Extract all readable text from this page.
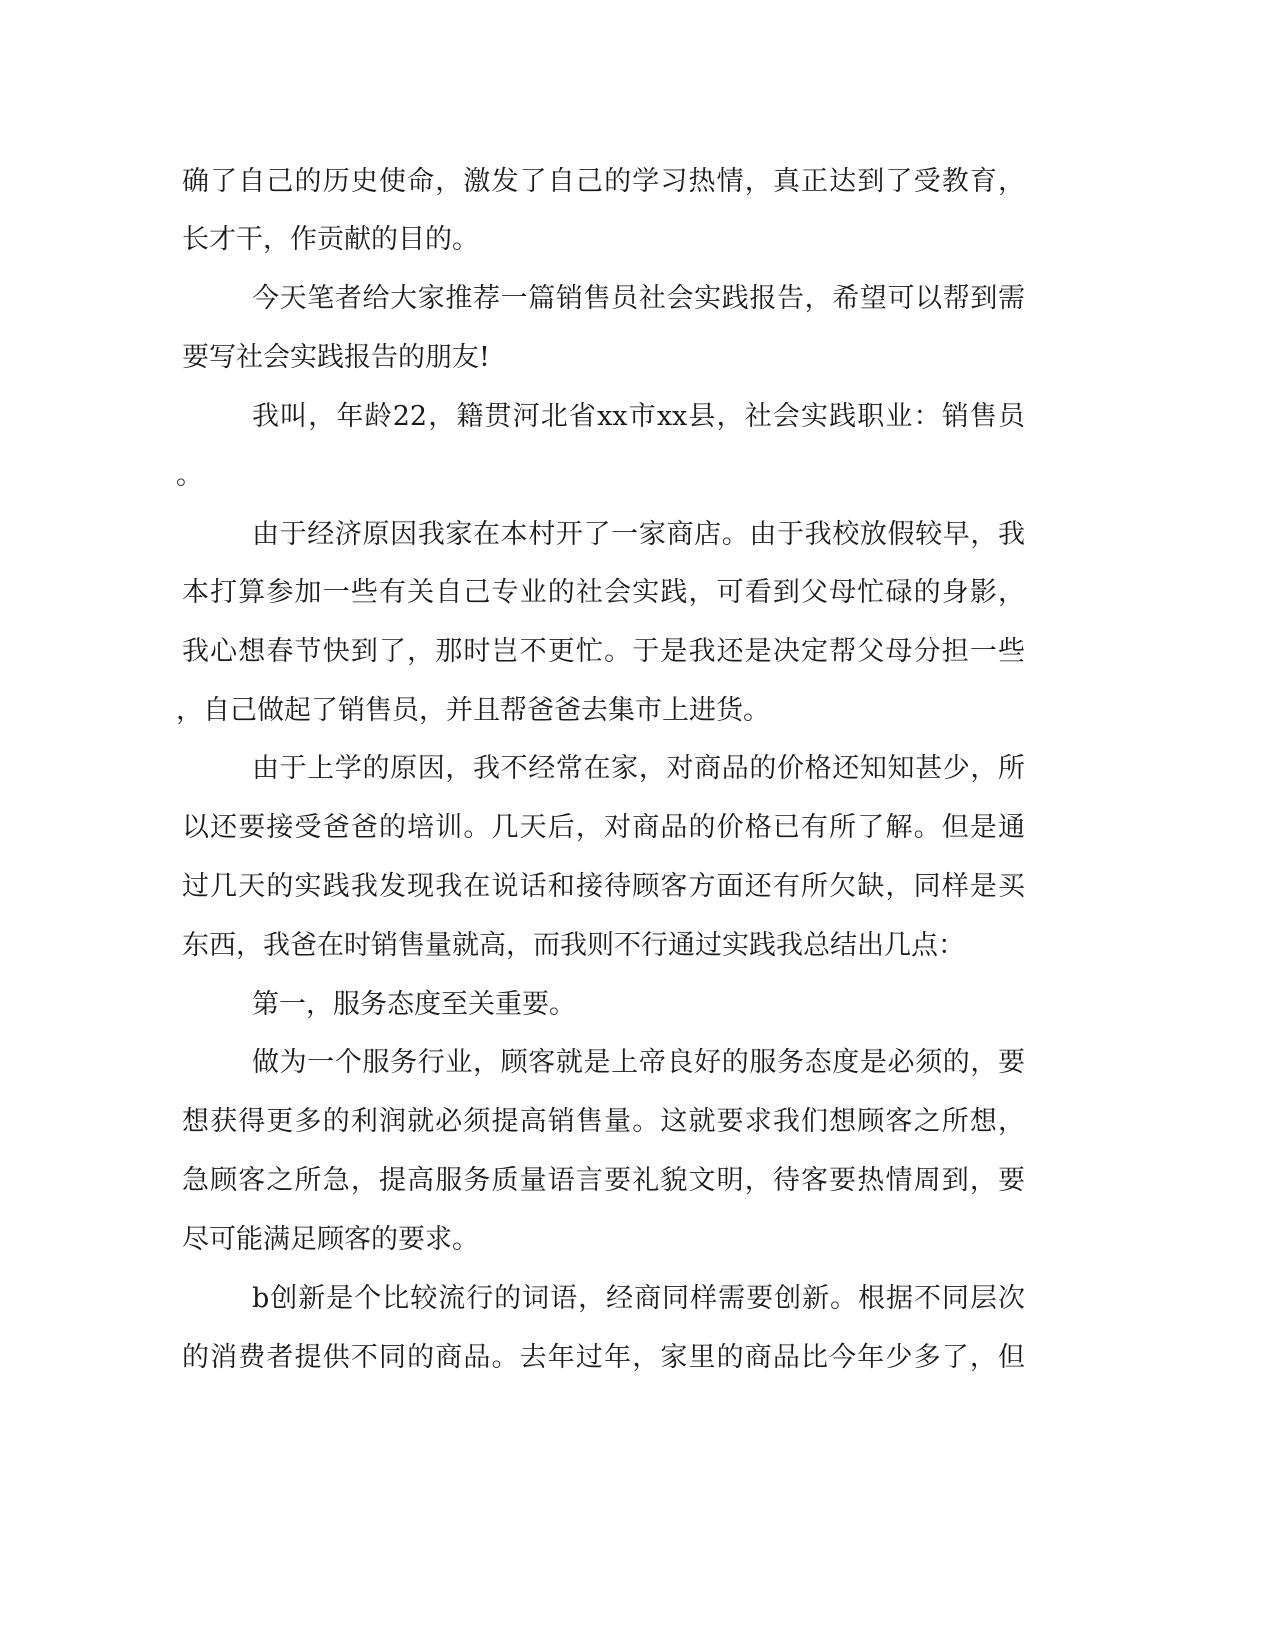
确了自己的历史使命，激发了自己的学习热情，真正达到了受教育，
长才干，作贡献的目的。
今天笔者给大家推荐一篇销售员社会实践报告，希望可以帮到需
要写社会实践报告的朋友!
我叫，年龄22，籍贯河北省xx市xx县，社会实践职业：销售员
。
由于经济原因我家在本村开了一家商店。由于我校放假较早，我
本打算参加一些有关自己专业的社会实践，可看到父母忙碌的身影，
我心想春节快到了，那时岂不更忙。于是我还是决定帮父母分担一些
，自己做起了销售员，并且帮爸爸去集市上进货。
由于上学的原因，我不经常在家，对商品的价格还知知甚少，所
以还要接受爸爸的培训。几天后，对商品的价格已有所了解。但是通
过几天的实践我发现我在说话和接待顾客方面还有所欠缺，同样是买
东西，我爸在时销售量就高，而我则不行通过实践我总结出几点：
第一，服务态度至关重要。
做为一个服务行业，顾客就是上帝良好的服务态度是必须的，要
想获得更多的利润就必须提高销售量。这就要求我们想顾客之所想，
急顾客之所急，提高服务质量语言要礼貌文明，待客要热情周到，要
尽可能满足顾客的要求。
b创新是个比较流行的词语，经商同样需要创新。根据不同层次
的消费者提供不同的商品。去年过年，家里的商品比今年少多了，但
